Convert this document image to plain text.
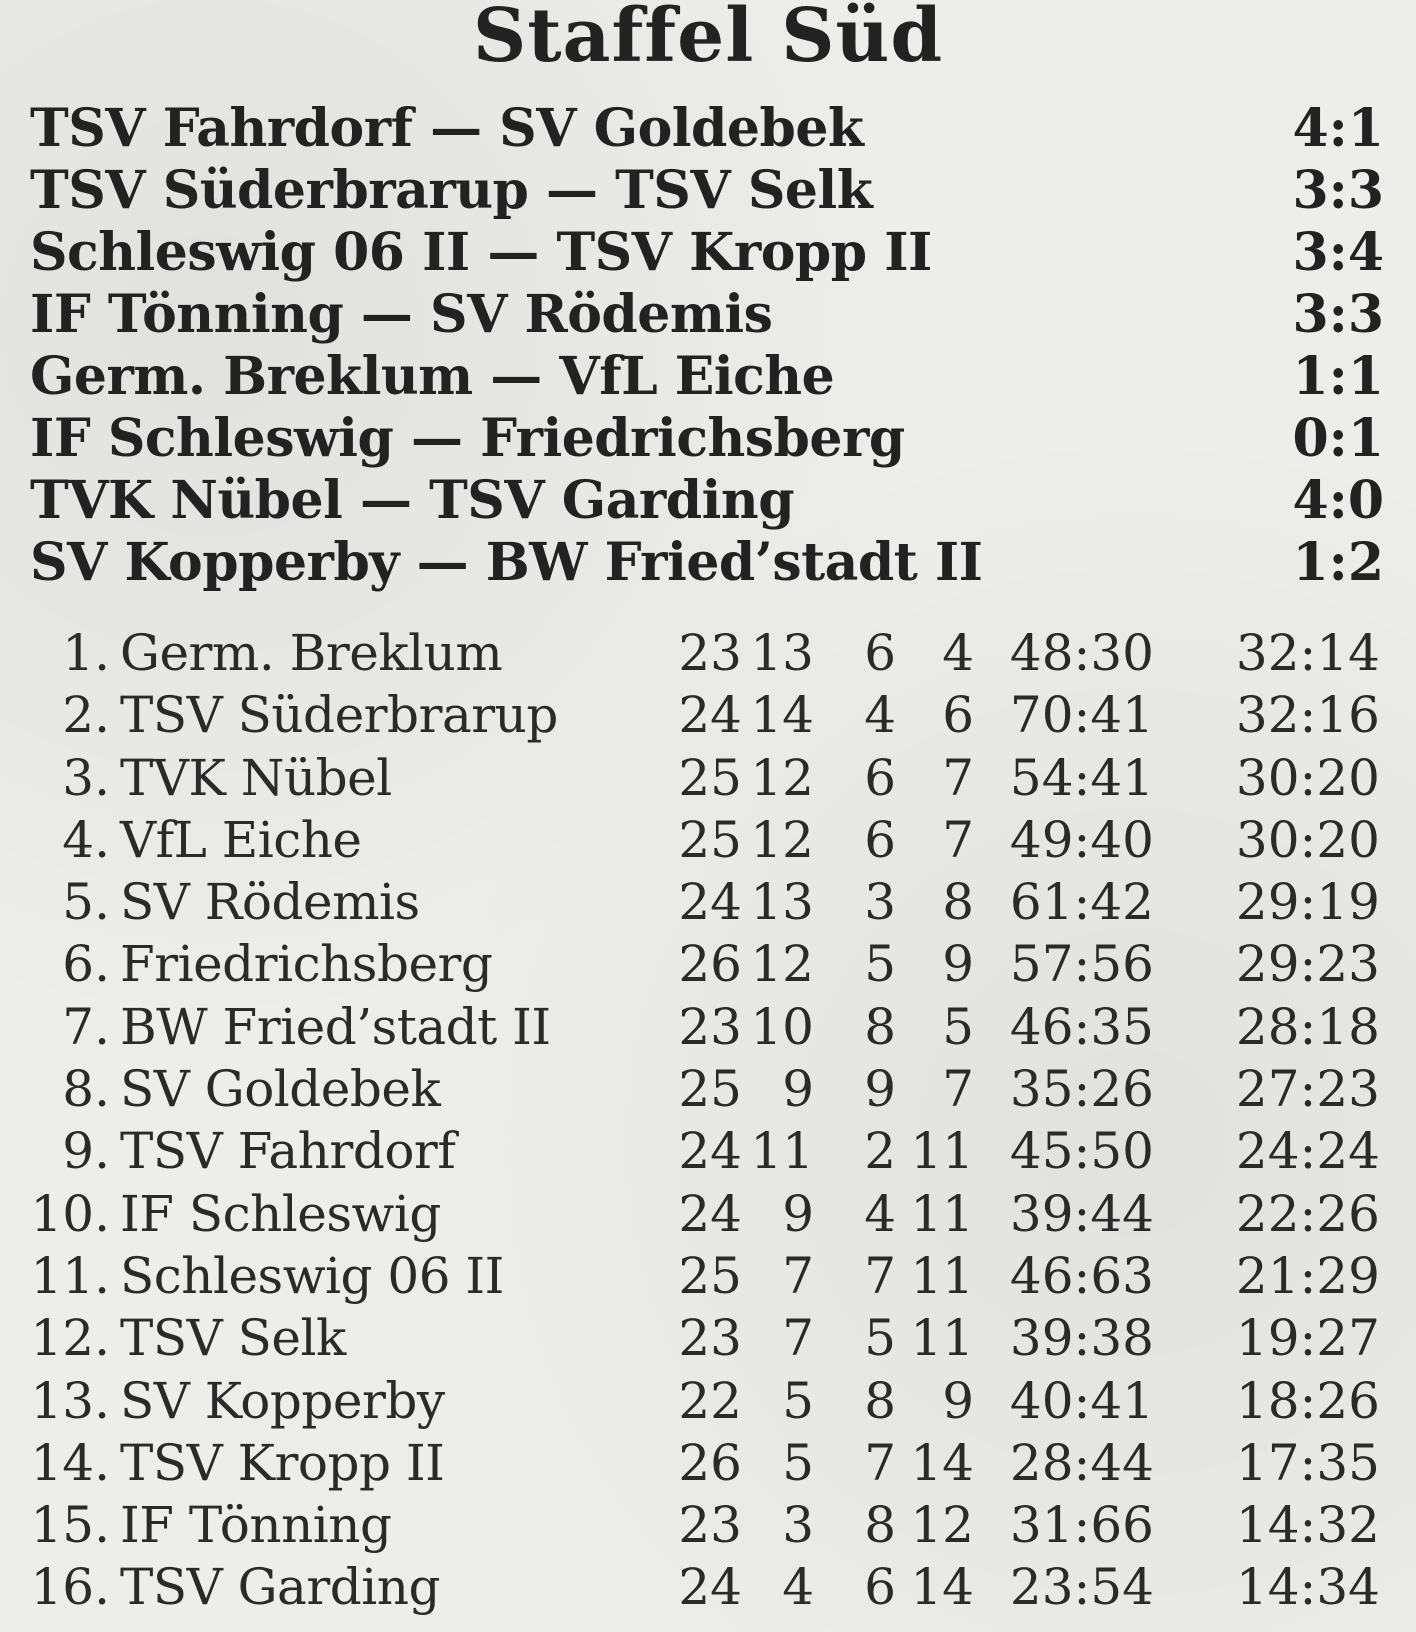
Staffel Süd
TSV Fahrdorf — SV Goldebek	4:1
TSV Süderbrarup — TSV Selk	3:3
Schleswig 06 II — TSV Kropp II	3:4
IF Tönning — SV Rödemis	3:3
Germ. Breklum — VfL Eiche	1:1
IF Schleswig — Friedrichsberg	0:1
TVK Nübel — TSV Garding	4:0
SV Kopperby — BW Fried’stadt II	1:2
1. Germ. Breklum	23 13	6 4 48:30	32:14
2. TSV Süderbrarup	24 14	4 6 70:41	32:16
3. TVK Nübel	25 12	6 7 54:41	30:20
4. VfL Eiche	25 12	6 7 49:40	30:20
5. SV Rödemis	24 13	3 8 61:42	29:19
6. Friedrichsberg	26 12	5 9 57:56	29:23
7. BW Fried’stadt II	23 10	8 5 46:35	28:18
8. SV Goldebek	25 9	9 7 35:26	27:23
9. TSV Fahrdorf	24 11	2 11 45:50	24:24
10. IF Schleswig	24 9	4 11 39:44	22:26
11. Schleswig 06 II	25 7	7 11 46:63	21:29
12. TSV Selk	23 7	5 11 39:38	19:27
13. SV Kopperby	22 5	8 9 40:41	18:26
14. TSV Kropp II	26 5	7 14 28:44	17:35
15. IF Tönning	23 3	8 12 31:66	14:32
16. TSV Garding	24 4	6 14 23:54	14:34
